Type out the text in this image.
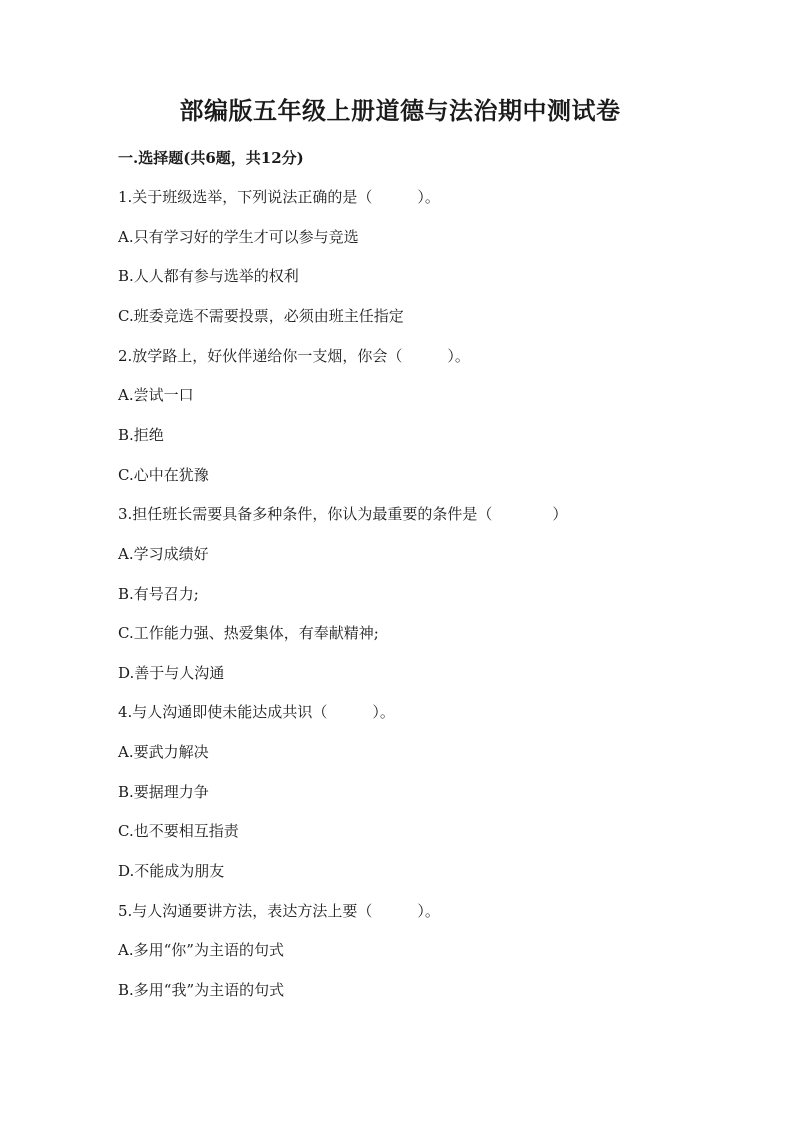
部编版五年级上册道德与法治期中测试卷
一.选择题(共6题，共12分)
1.关于班级选举，下列说法正确的是（　　　）。
A.只有学习好的学生才可以参与竞选
B.人人都有参与选举的权利
C.班委竞选不需要投票，必须由班主任指定
2.放学路上，好伙伴递给你一支烟，你会（　　　）。
A.尝试一口
B.拒绝
C.心中在犹豫
3.担任班长需要具备多种条件，你认为最重要的条件是（　　　　）
A.学习成绩好
B.有号召力;
C.工作能力强、热爱集体，有奉献精神;
D.善于与人沟通
4.与人沟通即使未能达成共识（　　　）。
A.要武力解决
B.要据理力争
C.也不要相互指责
D.不能成为朋友
5.与人沟通要讲方法，表达方法上要（　　　）。
A.多用“你”为主语的句式
B.多用“我”为主语的句式
